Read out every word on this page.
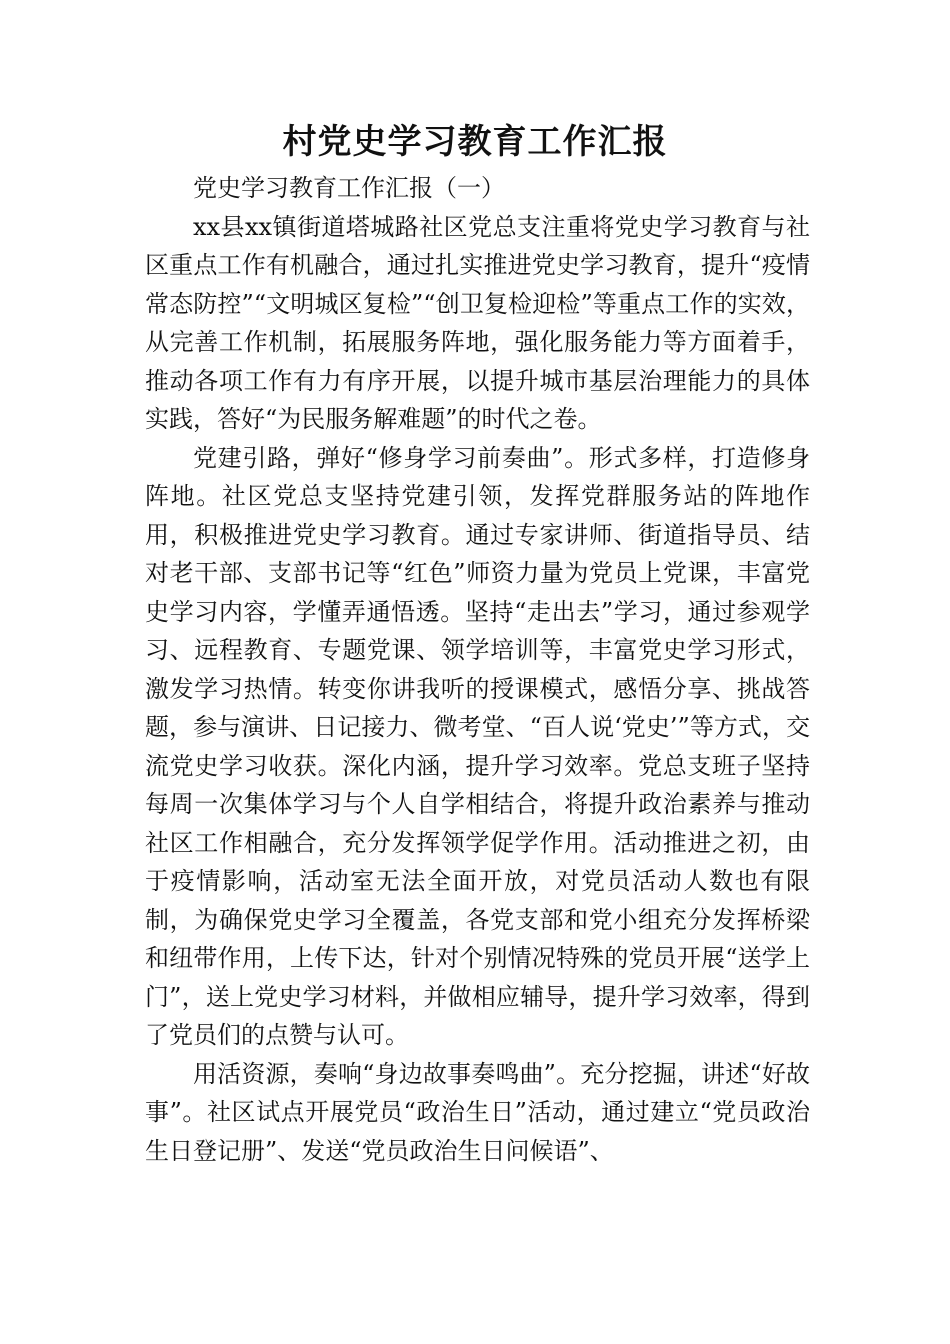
村党史学习教育工作汇报

党史学习教育工作汇报（一）

xx县xx镇街道塔城路社区党总支注重将党史学习教育与社区重点工作有机融合，通过扎实推进党史学习教育，提升“疫情常态防控”“文明城区复检”“创卫复检迎检”等重点工作的实效，从完善工作机制，拓展服务阵地，强化服务能力等方面着手，推动各项工作有力有序开展，以提升城市基层治理能力的具体实践，答好“为民服务解难题”的时代之卷。

党建引路，弹好“修身学习前奏曲”。形式多样，打造修身阵地。社区党总支坚持党建引领，发挥党群服务站的阵地作用，积极推进党史学习教育。通过专家讲师、街道指导员、结对老干部、支部书记等“红色”师资力量为党员上党课，丰富党史学习内容，学懂弄通悟透。坚持“走出去”学习，通过参观学习、远程教育、专题党课、领学培训等，丰富党史学习形式，激发学习热情。转变你讲我听的授课模式，感悟分享、挑战答题，参与演讲、日记接力、微考堂、“百人说‘党史’”等方式，交流党史学习收获。深化内涵，提升学习效率。党总支班子坚持每周一次集体学习与个人自学相结合，将提升政治素养与推动社区工作相融合，充分发挥领学促学作用。活动推进之初，由于疫情影响，活动室无法全面开放，对党员活动人数也有限制，为确保党史学习全覆盖，各党支部和党小组充分发挥桥梁和纽带作用，上传下达，针对个别情况特殊的党员开展“送学上门”，送上党史学习材料，并做相应辅导，提升学习效率，得到了党员们的点赞与认可。

用活资源，奏响“身边故事奏鸣曲”。充分挖掘，讲述“好故事”。社区试点开展党员“政治生日”活动，通过建立“党员政治生日登记册”、发送“党员政治生日问候语”、
